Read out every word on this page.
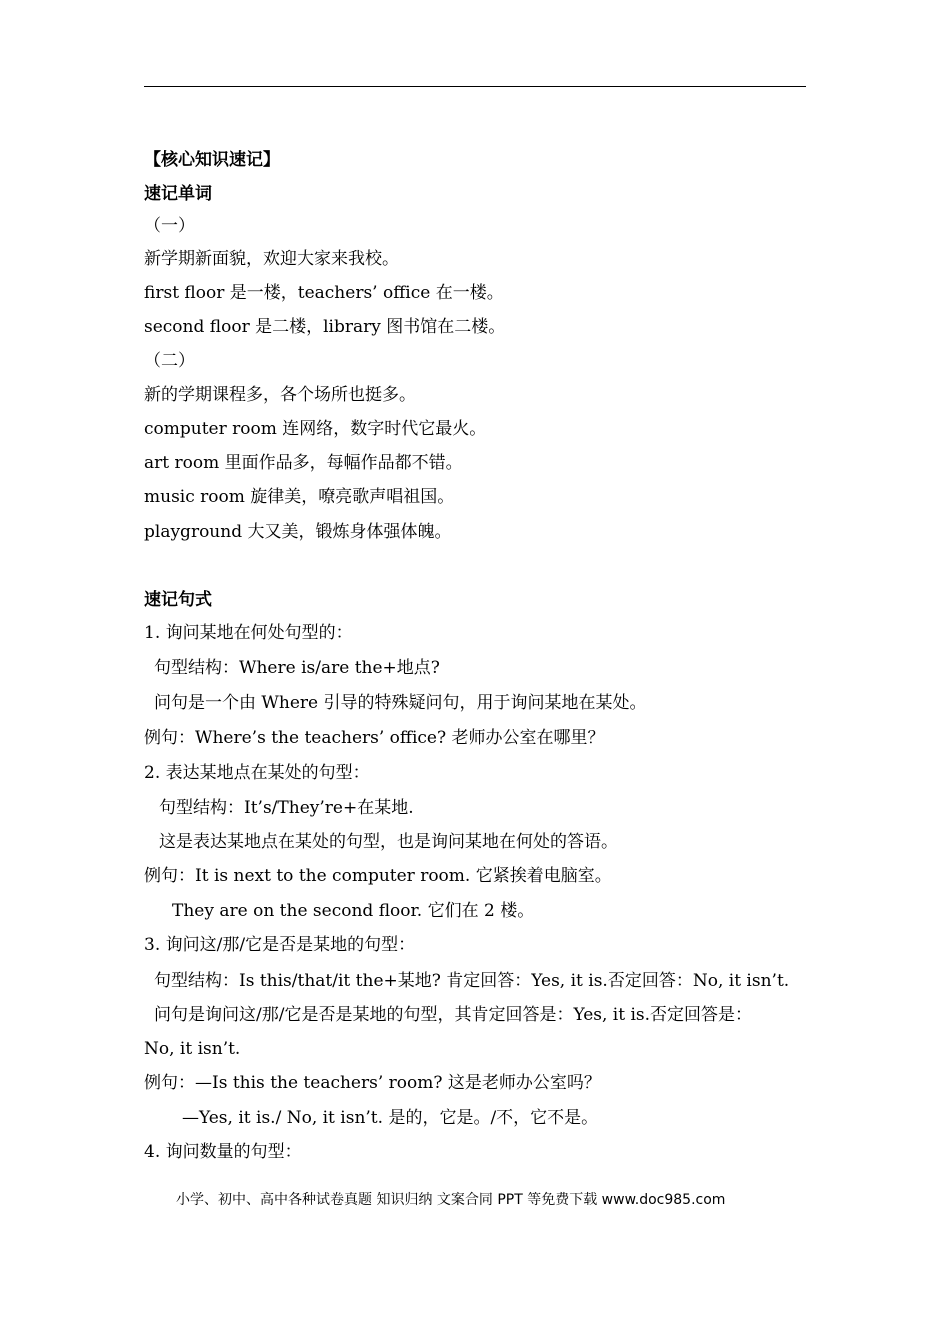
【核心知识速记】
速记单词
（一）
新学期新面貌，欢迎大家来我校。
first floor 是一楼，teachers’ office 在一楼。
second floor 是二楼，library 图书馆在二楼。
（二）
新的学期课程多，各个场所也挺多。
computer room 连网络，数字时代它最火。
art room 里面作品多，每幅作品都不错。
music room 旋律美，嘹亮歌声唱祖国。
playground 大又美，锻炼身体强体魄。
速记句式
1. 询问某地在何处句型的：
句型结构：Where is/are the+地点?
问句是一个由 Where 引导的特殊疑问句，用于询问某地在某处。
例句：Where’s the teachers’ office? 老师办公室在哪里？
2. 表达某地点在某处的句型：
句型结构：It’s/They’re+在某地.
这是表达某地点在某处的句型，也是询问某地在何处的答语。
例句：It is next to the computer room. 它紧挨着电脑室。
They are on the second floor. 它们在 2 楼。
3. 询问这/那/它是否是某地的句型：
句型结构：Is this/that/it the+某地? 肯定回答：Yes, it is.否定回答：No, it isn’t.
问句是询问这/那/它是否是某地的句型，其肯定回答是：Yes, it is.否定回答是：
No, it isn’t.
例句：—Is this the teachers’ room? 这是老师办公室吗？
—Yes, it is./ No, it isn’t. 是的，它是。/不，它不是。
4. 询问数量的句型：
小学、初中、高中各种试卷真题 知识归纳 文案合同 PPT 等免费下载 www.doc985.com
